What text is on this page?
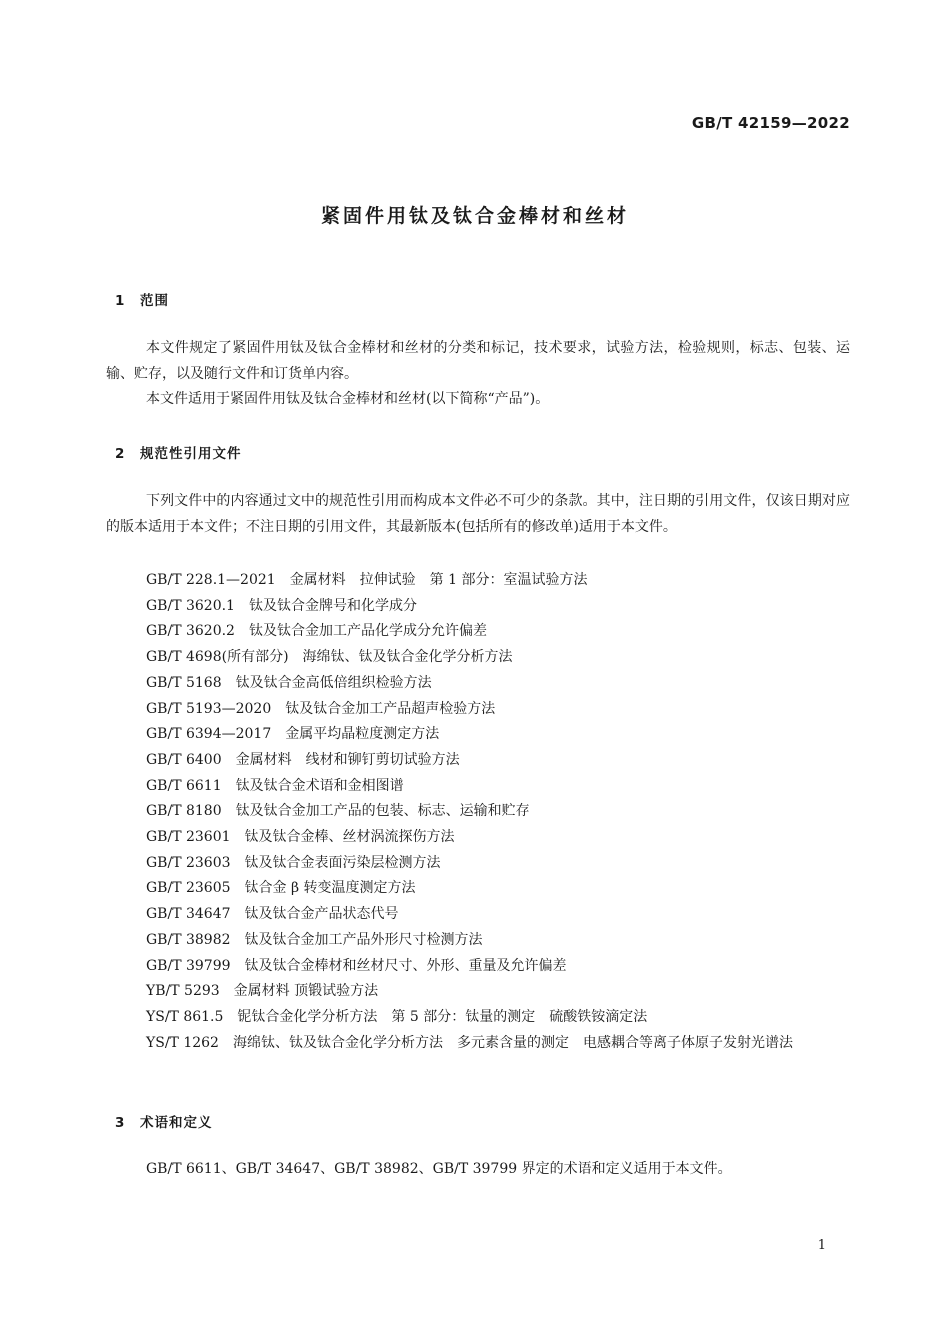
GB/T 42159—2022
紧固件用钛及钛合金棒材和丝材
1 范围

本文件规定了紧固件用钛及钛合金棒材和丝材的分类和标记，技术要求，试验方法，检验规则，标志、包装、运输、贮存，以及随行文件和订货单内容。

本文件适用于紧固件用钛及钛合金棒材和丝材(以下简称“产品”)。

2 规范性引用文件

下列文件中的内容通过文中的规范性引用而构成本文件必不可少的条款。其中，注日期的引用文件，仅该日期对应的版本适用于本文件；不注日期的引用文件，其最新版本(包括所有的修改单)适用于本文件。

GB/T 228.1—2021 金属材料　拉伸试验　第 1 部分：室温试验方法
GB/T 3620.1 钛及钛合金牌号和化学成分
GB/T 3620.2 钛及钛合金加工产品化学成分允许偏差
GB/T 4698(所有部分) 海绵钛、钛及钛合金化学分析方法
GB/T 5168 钛及钛合金高低倍组织检验方法
GB/T 5193—2020 钛及钛合金加工产品超声检验方法
GB/T 6394—2017 金属平均晶粒度测定方法
GB/T 6400 金属材料　线材和铆钉剪切试验方法
GB/T 6611 钛及钛合金术语和金相图谱
GB/T 8180 钛及钛合金加工产品的包装、标志、运输和贮存
GB/T 23601 钛及钛合金棒、丝材涡流探伤方法
GB/T 23603 钛及钛合金表面污染层检测方法
GB/T 23605 钛合金 β 转变温度测定方法
GB/T 34647 钛及钛合金产品状态代号
GB/T 38982 钛及钛合金加工产品外形尺寸检测方法
GB/T 39799 钛及钛合金棒材和丝材尺寸、外形、重量及允许偏差
YB/T 5293 金属材料 顶锻试验方法
YS/T 861.5 铌钛合金化学分析方法　第 5 部分：钛量的测定　硫酸铁铵滴定法
YS/T 1262 海绵钛、钛及钛合金化学分析方法　多元素含量的测定　电感耦合等离子体原子发射光谱法
3 术语和定义

GB/T 6611、GB/T 34647、GB/T 38982、GB/T 39799 界定的术语和定义适用于本文件。

1
